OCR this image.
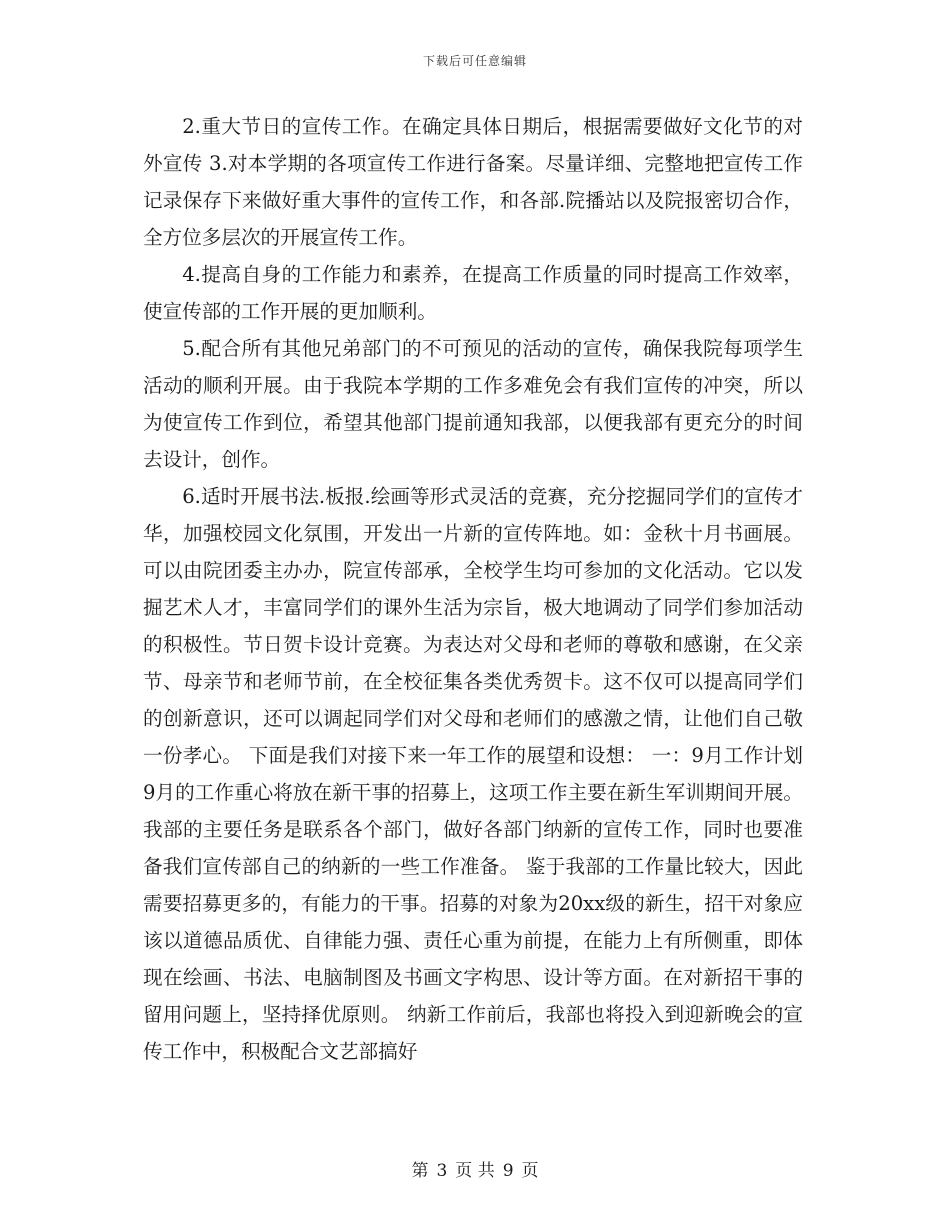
下载后可任意编辑

2.重大节日的宣传工作。在确定具体日期后，根据需要做好文化节的对外宣传 3.对本学期的各项宣传工作进行备案。尽量详细、完整地把宣传工作记录保存下来做好重大事件的宣传工作，和各部.院播站以及院报密切合作，全方位多层次的开展宣传工作。

4.提高自身的工作能力和素养，在提高工作质量的同时提高工作效率，使宣传部的工作开展的更加顺利。

5.配合所有其他兄弟部门的不可预见的活动的宣传，确保我院每项学生活动的顺利开展。由于我院本学期的工作多难免会有我们宣传的冲突，所以为使宣传工作到位，希望其他部门提前通知我部，以便我部有更充分的时间去设计，创作。

6.适时开展书法.板报.绘画等形式灵活的竞赛，充分挖掘同学们的宣传才华，加强校园文化氛围，开发出一片新的宣传阵地。如：金秋十月书画展。可以由院团委主办办，院宣传部承，全校学生均可参加的文化活动。它以发掘艺术人才，丰富同学们的课外生活为宗旨，极大地调动了同学们参加活动的积极性。节日贺卡设计竞赛。为表达对父母和老师的尊敬和感谢，在父亲节、母亲节和老师节前，在全校征集各类优秀贺卡。这不仅可以提高同学们的创新意识，还可以调起同学们对父母和老师们的感激之情，让他们自己敬一份孝心。 下面是我们对接下来一年工作的展望和设想： 一：9月工作计划 9月的工作重心将放在新干事的招募上，这项工作主要在新生军训期间开展。我部的主要任务是联系各个部门，做好各部门纳新的宣传工作，同时也要准备我们宣传部自己的纳新的一些工作准备。 鉴于我部的工作量比较大，因此需要招募更多的，有能力的干事。招募的对象为20xx级的新生，招干对象应该以道德品质优、自律能力强、责任心重为前提，在能力上有所侧重，即体现在绘画、书法、电脑制图及书画文字构思、设计等方面。在对新招干事的留用问题上，坚持择优原则。 纳新工作前后，我部也将投入到迎新晚会的宣传工作中，积极配合文艺部搞好

第 3 页 共 9 页
